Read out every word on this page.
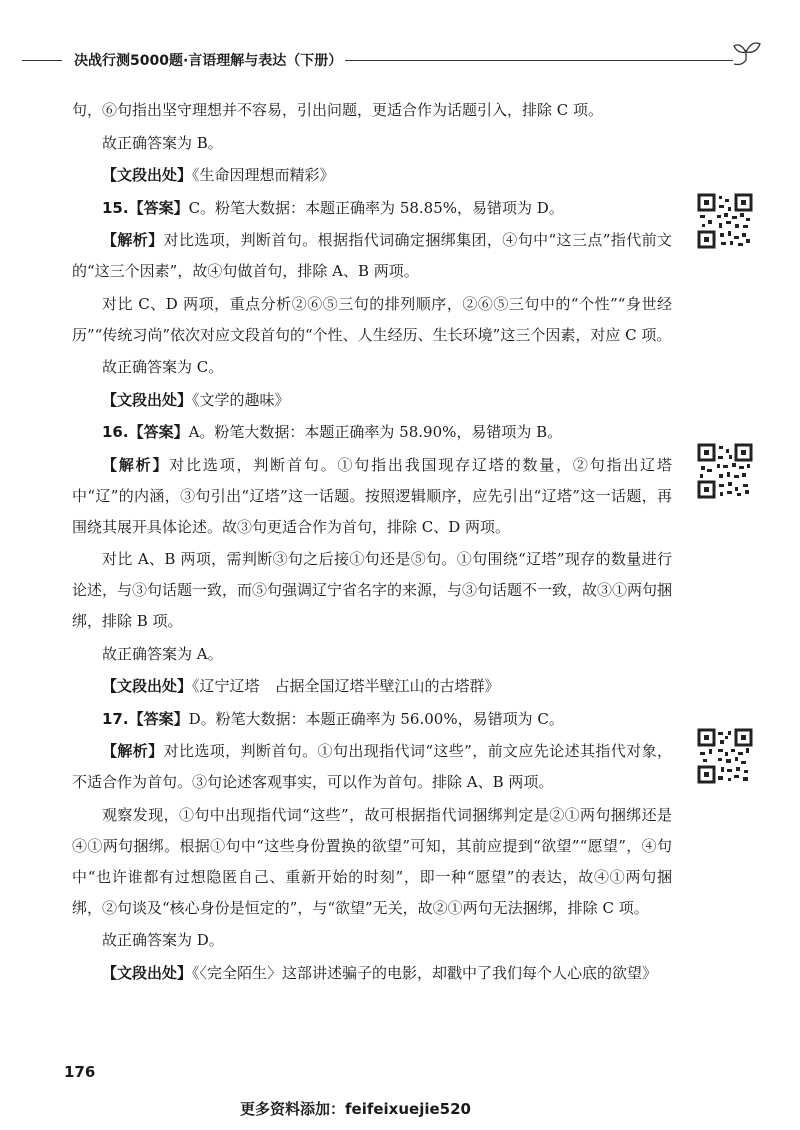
决战行测5000题·言语理解与表达（下册）

句，⑥句指出坚守理想并不容易，引出问题，更适合作为话题引入，排除 C 项。

故正确答案为 B。

【文段出处】《生命因理想而精彩》

15.【答案】C。粉笔大数据：本题正确率为 58.85%，易错项为 D。

【解析】对比选项，判断首句。根据指代词确定捆绑集团，④句中“这三点”指代前文的“这三个因素”，故④句做首句，排除 A、B 两项。

对比 C、D 两项，重点分析②⑥⑤三句的排列顺序，②⑥⑤三句中的“个性”“身世经历”“传统习尚”依次对应文段首句的“个性、人生经历、生长环境”这三个因素，对应 C 项。

故正确答案为 C。

【文段出处】《文学的趣味》

16.【答案】A。粉笔大数据：本题正确率为 58.90%，易错项为 B。

【解析】对比选项，判断首句。①句指出我国现存辽塔的数量，②句指出辽塔中“辽”的内涵，③句引出“辽塔”这一话题。按照逻辑顺序，应先引出“辽塔”这一话题，再围绕其展开具体论述。故③句更适合作为首句，排除 C、D 两项。

对比 A、B 两项，需判断③句之后接①句还是⑤句。①句围绕“辽塔”现存的数量进行论述，与③句话题一致，而⑤句强调辽宁省名字的来源，与③句话题不一致，故③①两句捆绑，排除 B 项。

故正确答案为 A。

【文段出处】《辽宁辽塔　占据全国辽塔半壁江山的古塔群》

17.【答案】D。粉笔大数据：本题正确率为 56.00%，易错项为 C。

【解析】对比选项，判断首句。①句出现指代词“这些”，前文应先论述其指代对象，不适合作为首句。③句论述客观事实，可以作为首句。排除 A、B 两项。

观察发现，①句中出现指代词“这些”，故可根据指代词捆绑判定是②①两句捆绑还是④①两句捆绑。根据①句中“这些身份置换的欲望”可知，其前应提到“欲望”“愿望”，④句中“也许谁都有过想隐匿自己、重新开始的时刻”，即一种“愿望”的表达，故④①两句捆绑，②句谈及“核心身份是恒定的”，与“欲望”无关，故②①两句无法捆绑，排除 C 项。

故正确答案为 D。

【文段出处】《〈完全陌生〉这部讲述骗子的电影，却戳中了我们每个人心底的欲望》

176
更多资料添加：feifeixuejie520
